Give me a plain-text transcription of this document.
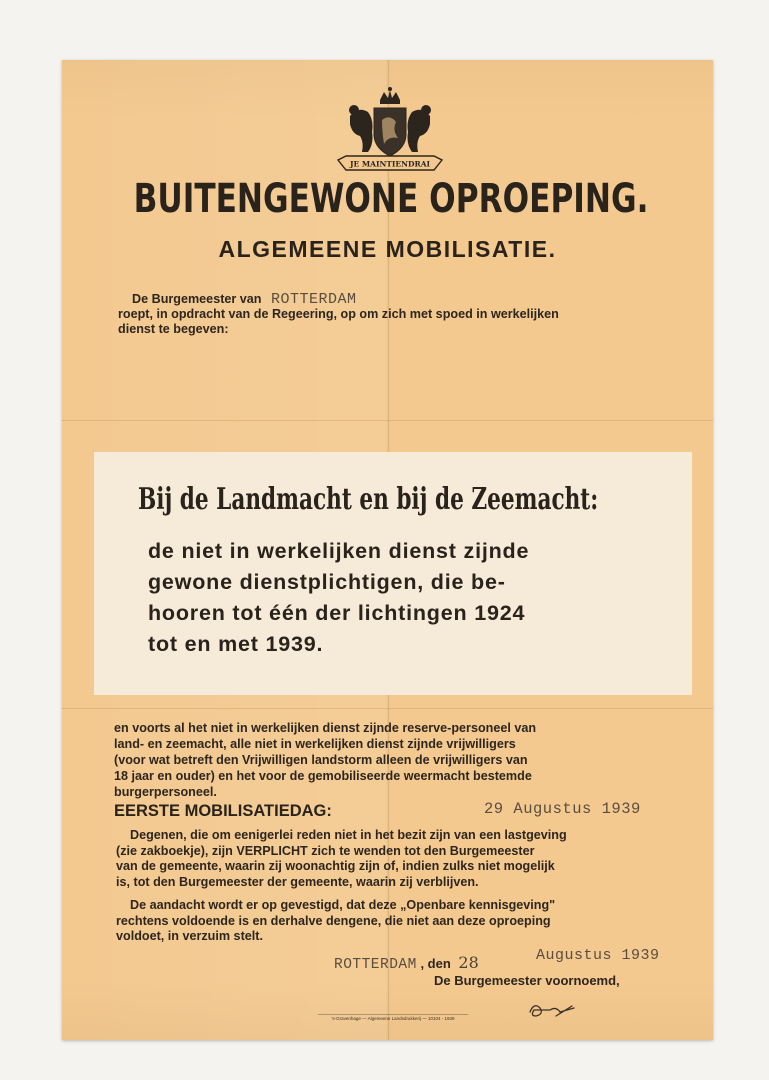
JE MAINTIENDRAI
BUITENGEWONE OPROEPING.
ALGEMEENE MOBILISATIE.
De Burgemeester van ROTTERDAM
roept, in opdracht van de Regeering, op om zich met spoed in werkelijken
dienst te begeven:
Bij de Landmacht en bij de Zeemacht:
de niet in werkelijken dienst zijnde
gewone dienstplichtigen, die be-
hooren tot één der lichtingen 1924
tot en met 1939.
en voorts al het niet in werkelijken dienst zijnde reserve-personeel van
land- en zeemacht, alle niet in werkelijken dienst zijnde vrijwilligers
(voor wat betreft den Vrijwilligen landstorm alleen de vrijwilligers van
18 jaar en ouder) en het voor de gemobiliseerde weermacht bestemde
burgerpersoneel.
EERSTE MOBILISATIEDAG:	29 Augustus 1939
Degenen, die om eenigerlei reden niet in het bezit zijn van een lastgeving
(zie zakboekje), zijn VERPLICHT zich te wenden tot den Burgemeester
van de gemeente, waarin zij woonachtig zijn of, indien zulks niet mogelijk
is, tot den Burgemeester der gemeente, waarin zij verblijven.
De aandacht wordt er op gevestigd, dat deze „Openbare kennisgeving"
rechtens voldoende is en derhalve dengene, die niet aan deze oproeping
voldoet, in verzuim stelt.
ROTTERDAM , den 28	Augustus 1939
De Burgemeester voornoemd,
's-Gravenhage — Algemeene Landsdrukkerij — 10104 - 1939
